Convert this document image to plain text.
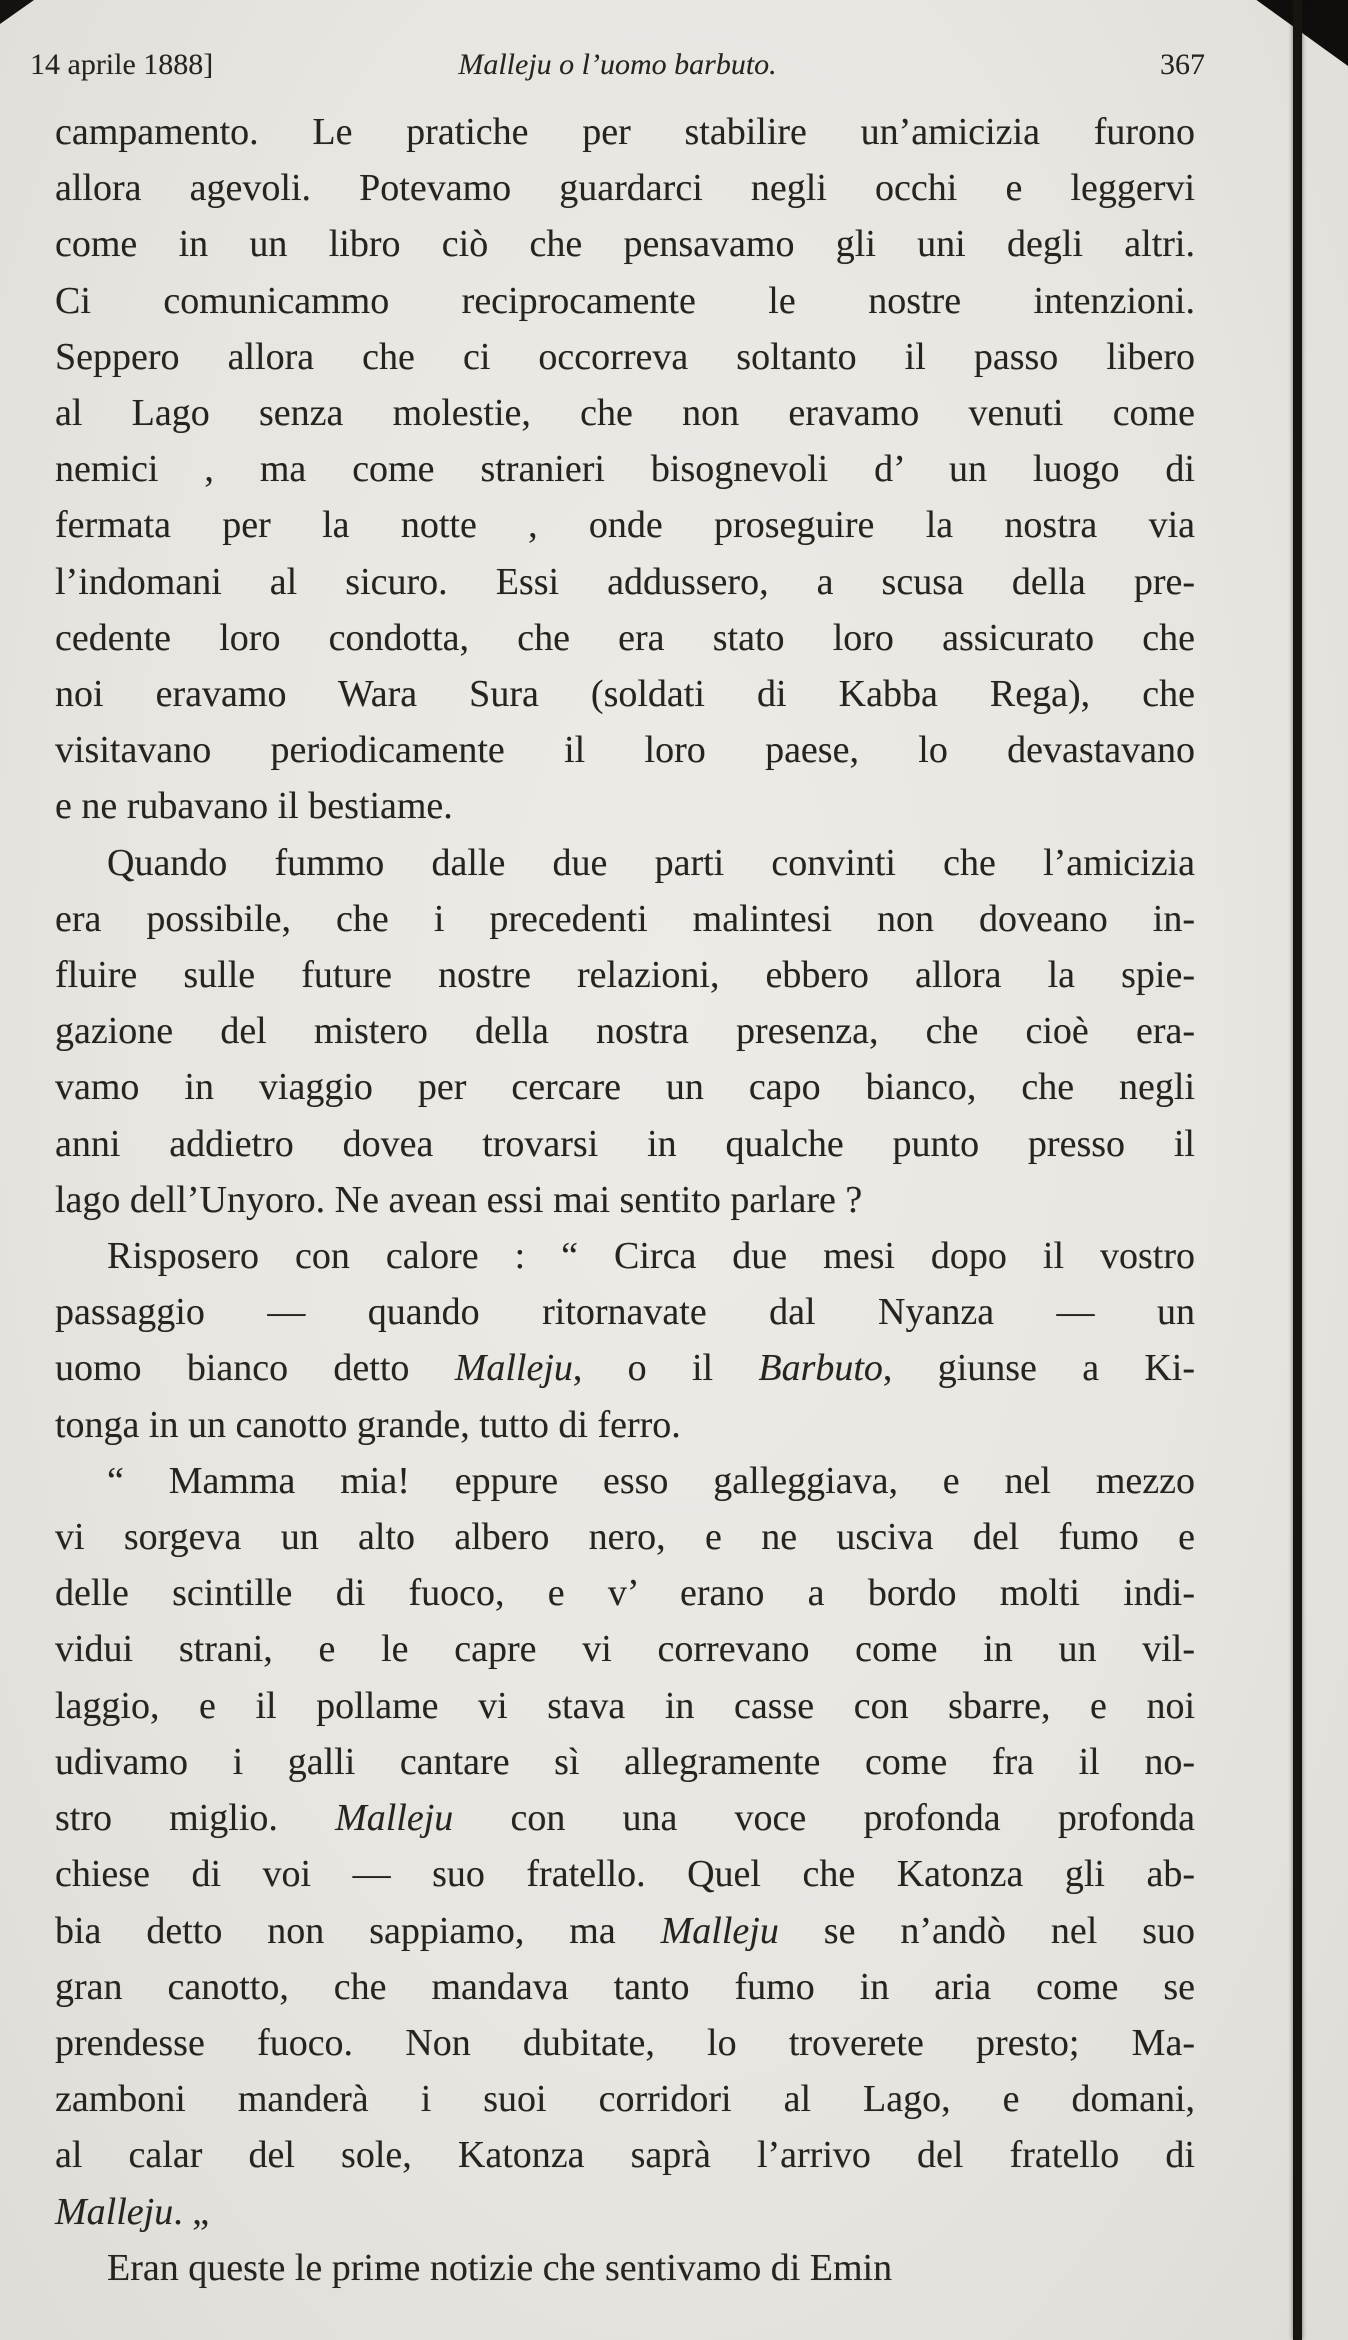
14 aprile 1888]	Malleju o l’uomo barbuto.	367
campamento. Le pratiche per stabilire un’amicizia furono
allora agevoli. Potevamo guardarci negli occhi e leggervi
come in un libro ciò che pensavamo gli uni degli altri.
Ci comunicammo reciprocamente le nostre intenzioni.
Seppero allora che ci occorreva soltanto il passo libero
al Lago senza molestie, che non eravamo venuti come
nemici , ma come stranieri bisognevoli d’ un luogo di
fermata per la notte , onde proseguire la nostra via
l’indomani al sicuro. Essi addussero, a scusa della pre-
cedente loro condotta, che era stato loro assicurato che
noi eravamo Wara Sura (soldati di Kabba Rega), che
visitavano periodicamente il loro paese, lo devastavano
e ne rubavano il bestiame.
Quando fummo dalle due parti convinti che l’amicizia
era possibile, che i precedenti malintesi non doveano in-
fluire sulle future nostre relazioni, ebbero allora la spie-
gazione del mistero della nostra presenza, che cioè era-
vamo in viaggio per cercare un capo bianco, che negli
anni addietro dovea trovarsi in qualche punto presso il
lago dell’Unyoro. Ne avean essi mai sentito parlare ?
Risposero con calore : “ Circa due mesi dopo il vostro
passaggio — quando ritornavate dal Nyanza — un
uomo bianco detto Malleju, o il Barbuto, giunse a Ki-
tonga in un canotto grande, tutto di ferro.
“ Mamma mia! eppure esso galleggiava, e nel mezzo
vi sorgeva un alto albero nero, e ne usciva del fumo e
delle scintille di fuoco, e v’ erano a bordo molti indi-
vidui strani, e le capre vi correvano come in un vil-
laggio, e il pollame vi stava in casse con sbarre, e noi
udivamo i galli cantare sì allegramente come fra il no-
stro miglio. Malleju con una voce profonda profonda
chiese di voi — suo fratello. Quel che Katonza gli ab-
bia detto non sappiamo, ma Malleju se n’andò nel suo
gran canotto, che mandava tanto fumo in aria come se
prendesse fuoco. Non dubitate, lo troverete presto; Ma-
zamboni manderà i suoi corridori al Lago, e domani,
al calar del sole, Katonza saprà l’arrivo del fratello di
Malleju. „
Eran queste le prime notizie che sentivamo di Emin
